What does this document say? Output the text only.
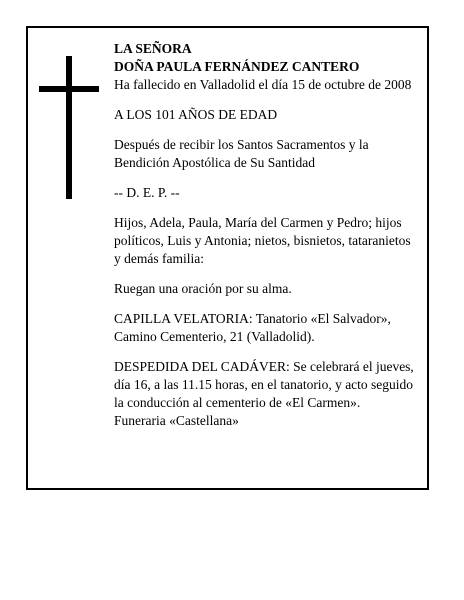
LA SEÑORA

DOÑA PAULA FERNÁNDEZ CANTERO

Ha fallecido en Valladolid el día 15 de octubre de 2008

A LOS 101 AÑOS DE EDAD

Después de recibir los Santos Sacramentos y la Bendición Apostólica de Su Santidad

-- D. E. P. --

Hijos, Adela, Paula, María del Carmen y Pedro; hijos políticos, Luis y Antonia; nietos, bisnietos, tataranietos y demás familia:

Ruegan una oración por su alma.

CAPILLA VELATORIA: Tanatorio «El Salvador», Camino Cementerio, 21 (Valladolid).

DESPEDIDA DEL CADÁVER: Se celebrará el jueves, día 16, a las 11.15 horas, en el tanatorio, y acto seguido la conducción al cementerio de «El Carmen».

Funeraria «Castellana»
